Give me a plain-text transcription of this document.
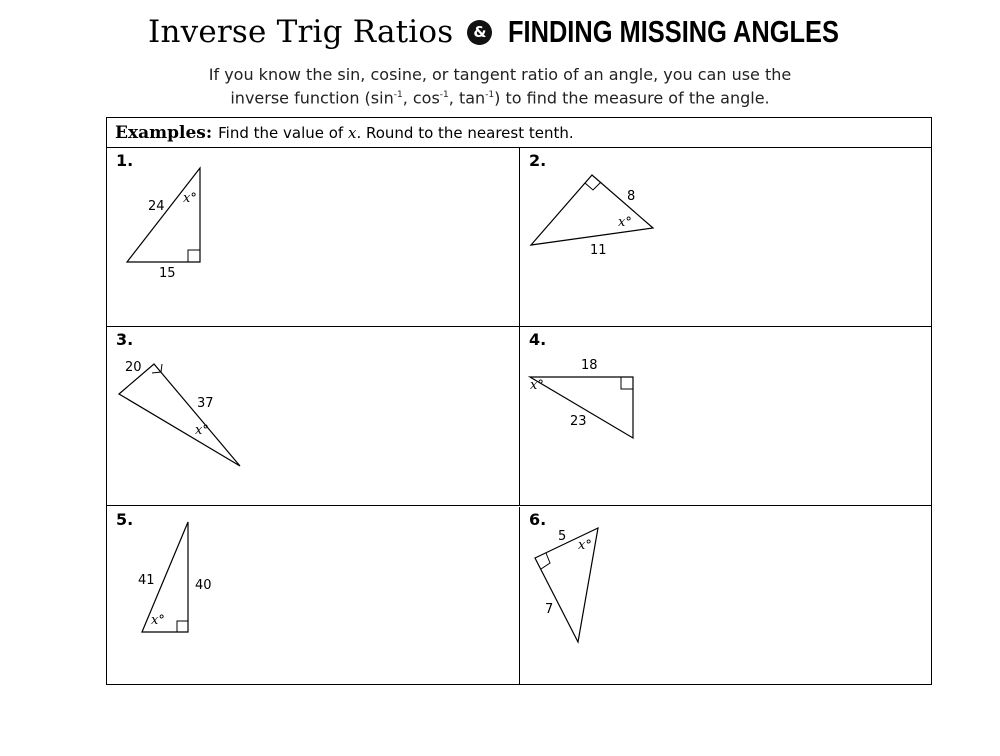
Inverse Trig Ratios & FINDING MISSING ANGLES
If you know the sin, cosine, or tangent ratio of an angle, you can use the
inverse function ($\sin^{-1}$, $\cos^{-1}$, $\tan^{-1}$) to find the measure of the angle.
Examples: Find the value of x. Round to the nearest tenth.
1.
24
15
x°
2.
8
11
x°
3.
20
37
x°
4.
18
23
x°
5.
41	40
x°
6.
5
7
x°
